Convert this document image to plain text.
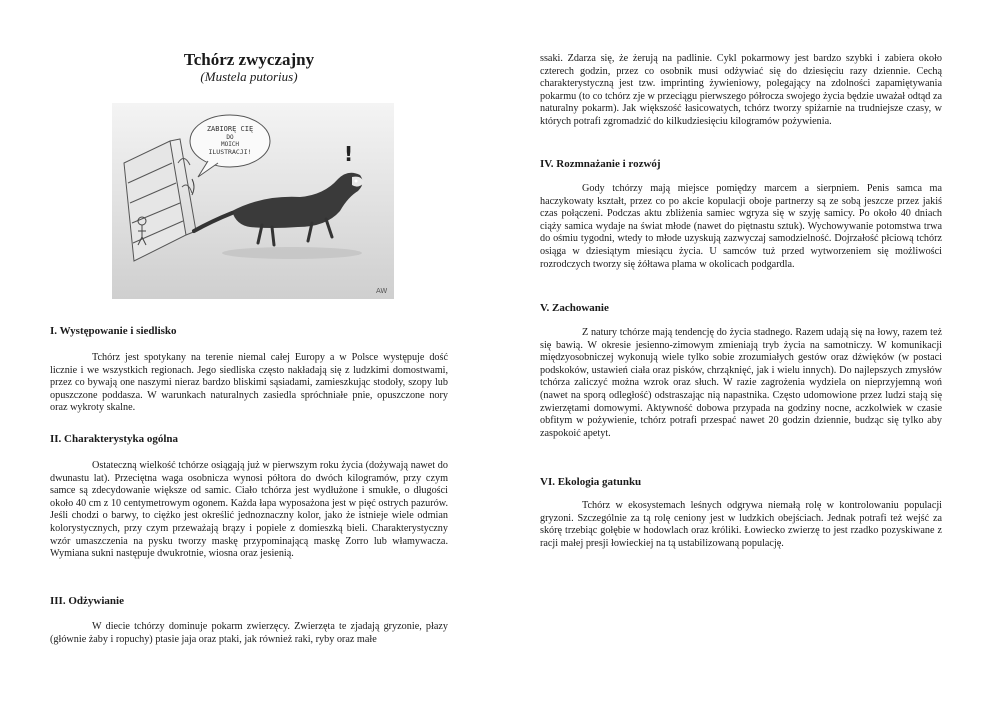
Tchórz zwyczajny
(Mustela putorius)
ZABIORĘ CIĘ
DO
MOICH
ILUSTRACJI!	!
AW
I. Występowanie i siedlisko

Tchórz jest spotykany na terenie niemal całej Europy a w Polsce występuje dość licznie i we wszystkich regionach. Jego siedliska często nakładają się z ludzkimi domostwami, przez co bywają one naszymi nieraz bardzo bliskimi sąsiadami, zamieszkując stodoły, szopy lub opuszczone poddasza. W warunkach naturalnych zasiedla spróchniałe pnie, opuszczone nory oraz wykroty skalne.

II. Charakterystyka ogólna

Ostateczną wielkość tchórze osiągają już w pierwszym roku życia (dożywają nawet do dwunastu lat). Przeciętna waga osobnicza wynosi półtora do dwóch kilogramów, przy czym samce są zdecydowanie większe od samic. Ciało tchórza jest wydłużone i smukłe, o długości około 40 cm z 10 centymetrowym ogonem. Każda łapa wyposażona jest w pięć ostrych pazurów. Jeśli chodzi o barwy, to ciężko jest określić jednoznaczny kolor, jako że istnieje wiele odmian kolorystycznych, przy czym przeważają brązy i popiele z domieszką bieli. Charakterystyczny wzór umaszczenia na pysku tworzy maskę przypominającą maskę Zorro lub włamywacza. Wymiana sukni następuje dwukrotnie, wiosna oraz jesienią.

III. Odżywianie

W diecie tchórzy dominuje pokarm zwierzęcy. Zwierzęta te zjadają gryzonie, płazy (głównie żaby i ropuchy) ptasie jaja oraz ptaki, jak również raki, ryby oraz małe

ssaki. Zdarza się, że żerują na padlinie. Cykl pokarmowy jest bardzo szybki i zabiera około czterech godzin, przez co osobnik musi odżywiać się do dziesięciu razy dziennie. Cechą charakterystyczną jest tzw. imprinting żywieniowy, polegający na zdolności zapamiętywania pokarmu (to co tchórz zje w przeciągu pierwszego półrocza swojego życia będzie uważał odtąd za naturalny pokarm). Jak większość łasicowatych, tchórz tworzy spiżarnie na trudniejsze czasy, w których potrafi zgromadzić do kilkudziesięciu kilogramów pożywienia.

IV. Rozmnażanie i rozwój

Gody tchórzy mają miejsce pomiędzy marcem a sierpniem. Penis samca ma haczykowaty kształt, przez co po akcie kopulacji oboje partnerzy są ze sobą jeszcze przez jakiś czas połączeni. Podczas aktu zbliżenia samiec wgryza się w szyję samicy. Po około 40 dniach ciąży samica wydaje na świat młode (nawet do piętnastu sztuk). Wychowywanie potomstwa trwa do ośmiu tygodni, wtedy to młode uzyskują zazwyczaj samodzielność. Dojrzałość płciową tchórz osiąga w dziesiątym miesiącu życia. U samców tuż przed wytworzeniem się możliwości rozrodczych tworzy się żółtawa plama w okolicach podgardla.

V. Zachowanie

Z natury tchórze mają tendencję do życia stadnego. Razem udają się na łowy, razem też się bawią. W okresie jesienno-zimowym zmieniają tryb życia na samotniczy. W komunikacji międzyosobniczej wykonują wiele tylko sobie zrozumiałych gestów oraz dźwięków (w postaci podskoków, ustawień ciała oraz pisków, chrząknięć, jak i wielu innych). Do najlepszych zmysłów tchórza zaliczyć można wzrok oraz słuch. W razie zagrożenia wydziela on nieprzyjemną woń (nawet na sporą odległość) odstraszając nią napastnika. Często udomowione przez ludzi stają się zwierzętami domowymi. Aktywność dobowa przypada na godziny nocne, aczkolwiek w czasie obfitym w pożywienie, tchórz potrafi przespać nawet 20 godzin dziennie, budząc się tylko aby zaspokoić apetyt.

VI. Ekologia gatunku

Tchórz w ekosystemach leśnych odgrywa niemałą rolę w kontrolowaniu populacji gryzoni. Szczególnie za tą rolę ceniony jest w ludzkich obejściach. Jednak potrafi też wejść za skórę trzebiąc gołębie w hodowlach oraz króliki. Łowiecko zwierzę to jest rzadko pozyskiwane z racji małej presji łowieckiej na tą ustabilizowaną populację.
